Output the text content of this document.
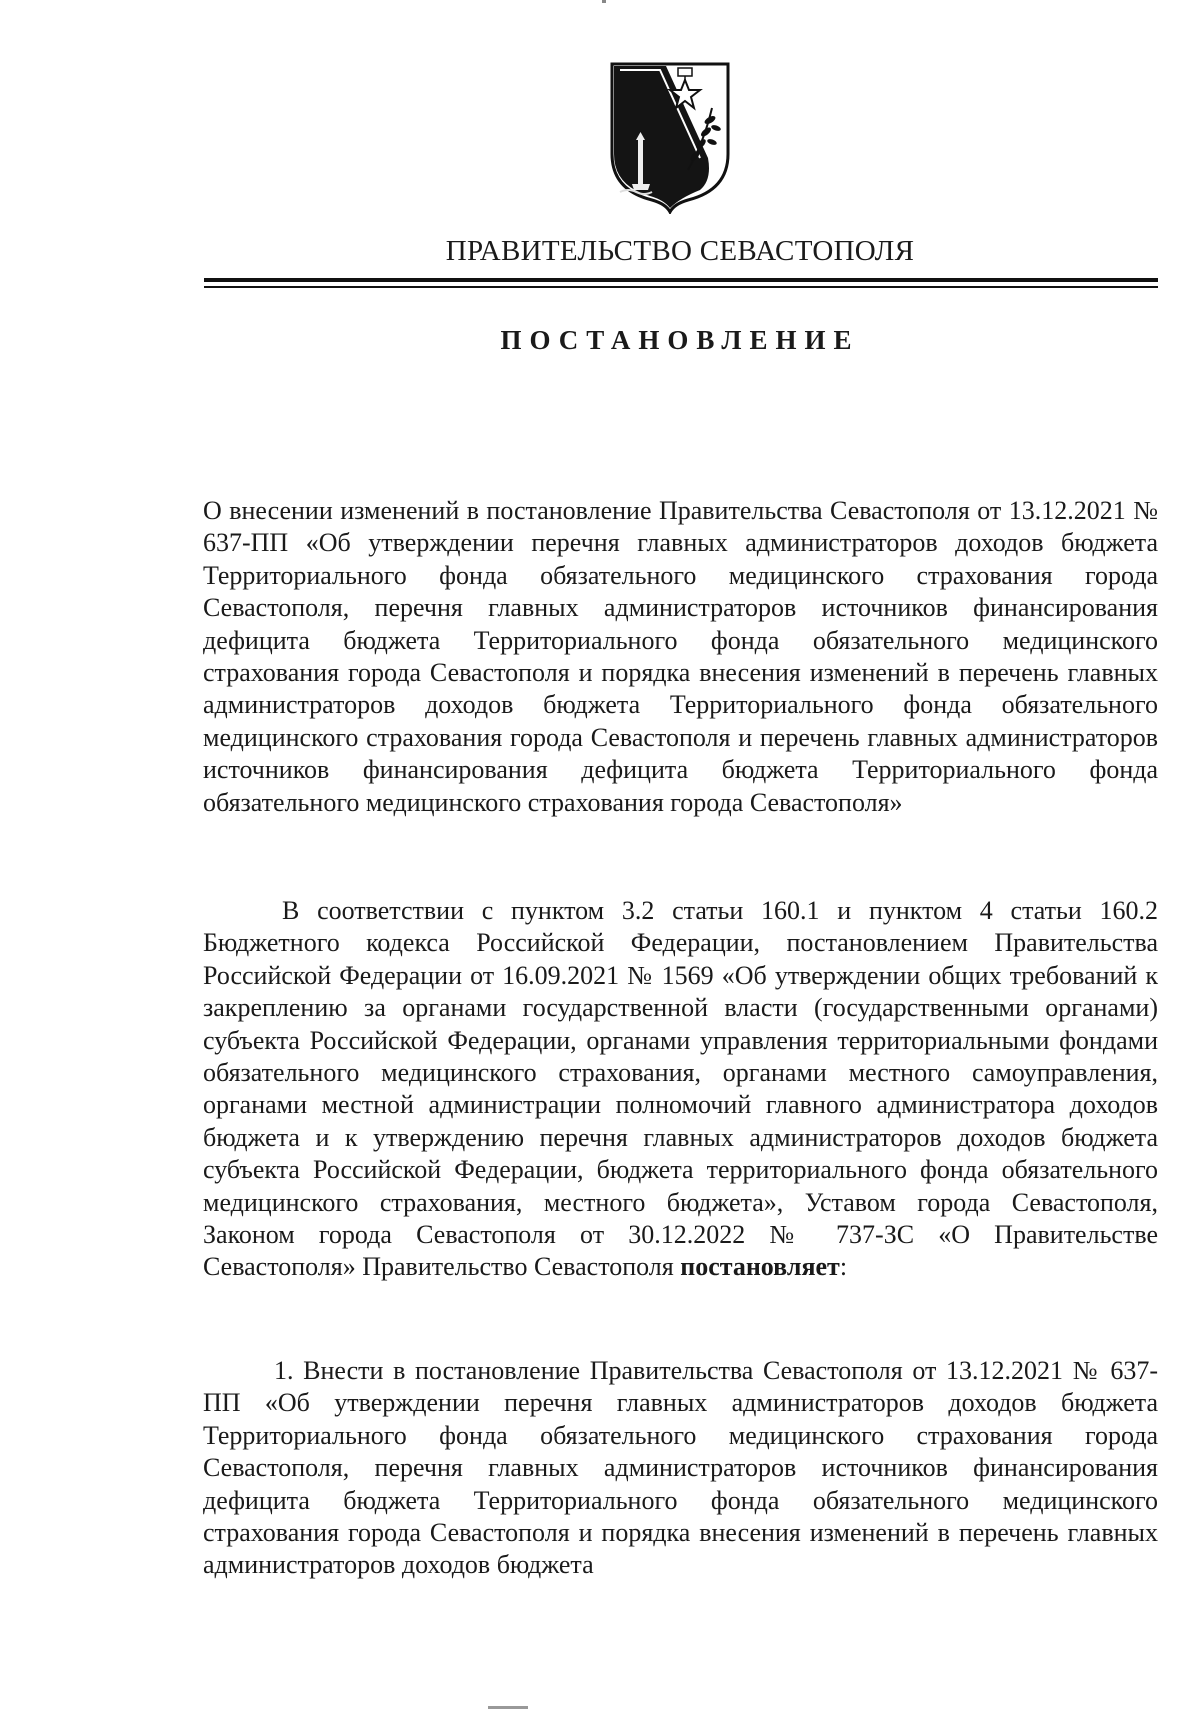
ПРАВИТЕЛЬСТВО СЕВАСТОПОЛЯ
ПОСТАНОВЛЕНИЕ

О внесении изменений в постановление Правительства Севастополя от 13.12.2021 № 637-ПП «Об утверждении перечня главных администраторов доходов бюджета Территориального фонда обязательного медицинского страхования города Севастополя, перечня главных администраторов источников финансирования дефицита бюджета Территориального фонда обязательного медицинского страхования города Севастополя и порядка внесения изменений в перечень главных администраторов доходов бюджета Территориального фонда обязательного медицинского страхования города Севастополя и перечень главных администраторов источников финансирования дефицита бюджета Территориального фонда обязательного медицинского страхования города Севастополя»

В соответствии с пунктом 3.2 статьи 160.1 и пунктом 4 статьи 160.2 Бюджетного кодекса Российской Федерации, постановлением Правительства Российской Федерации от 16.09.2021 № 1569 «Об утверждении общих требований к закреплению за органами государственной власти (государственными органами) субъекта Российской Федерации, органами управления территориальными фондами обязательного медицинского страхования, органами местного самоуправления, органами местной администрации полномочий главного администратора доходов бюджета и к утверждению перечня главных администраторов доходов бюджета субъекта Российской Федерации, бюджета территориального фонда обязательного медицинского страхования, местного бюджета», Уставом города Севастополя, Законом города Севастополя от 30.12.2022 № 737-ЗС «О Правительстве Севастополя» Правительство Севастополя постановляет:

1. Внести в постановление Правительства Севастополя от 13.12.2021 № 637-ПП «Об утверждении перечня главных администраторов доходов бюджета Территориального фонда обязательного медицинского страхования города Севастополя, перечня главных администраторов источников финансирования дефицита бюджета Территориального фонда обязательного медицинского страхования города Севастополя и порядка внесения изменений в перечень главных администраторов доходов бюджета
